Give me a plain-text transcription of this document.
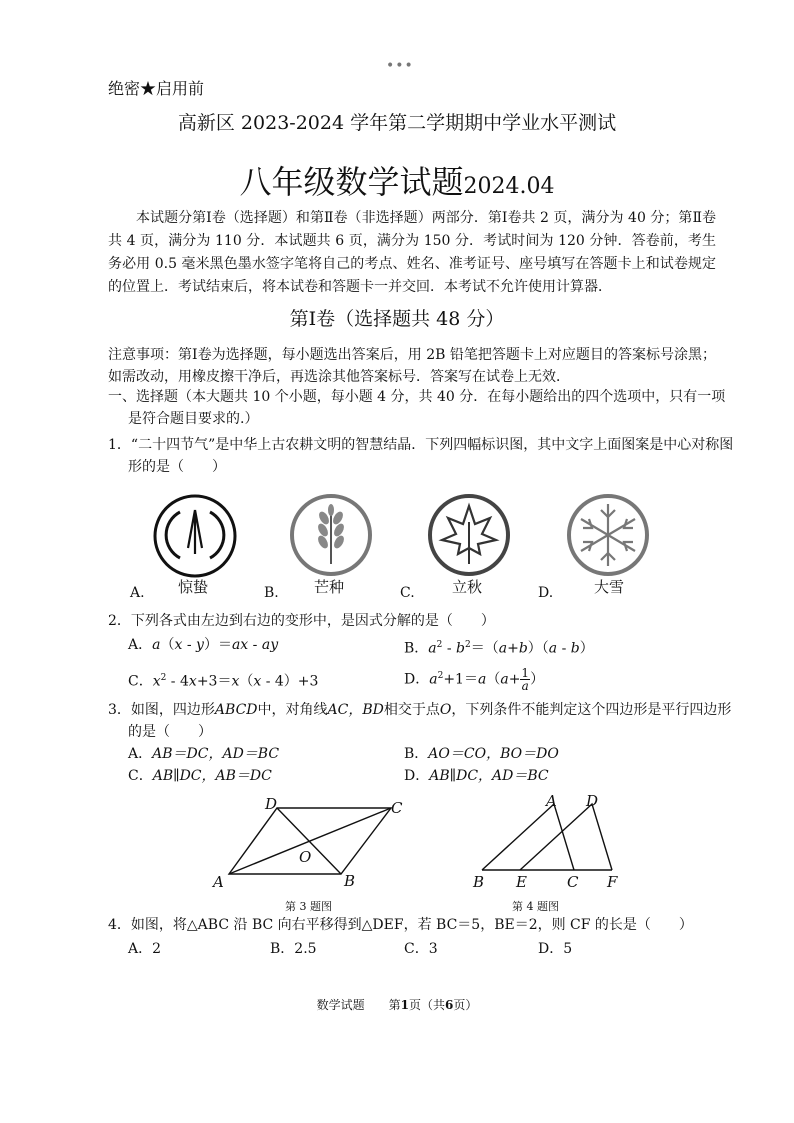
•••
绝密★启用前
高新区 2023-2024 学年第二学期期中学业水平测试
八年级数学试题2024.04
本试题分第Ⅰ卷（选择题）和第Ⅱ卷（非选择题）两部分．第Ⅰ卷共 2 页，满分为 40 分；第Ⅱ卷共 4 页，满分为 110 分．本试题共 6 页，满分为 150 分．考试时间为 120 分钟．答卷前，考生务必用 0.5 毫米黑色墨水签字笔将自己的考点、姓名、准考证号、座号填写在答题卡上和试卷规定的位置上．考试结束后，将本试卷和答题卡一并交回．本考试不允许使用计算器．
第Ⅰ卷（选择题共 48 分）
注意事项：第Ⅰ卷为选择题，每小题选出答案后，用 2B 铅笔把答题卡上对应题目的答案标号涂黑；如需改动，用橡皮擦干净后，再选涂其他答案标号．答案写在试卷上无效．
一、选择题（本大题共 10 个小题，每小题 4 分，共 40 分．在每小题给出的四个选项中，只有一项是符合题目要求的.）
1．“二十四节气”是中华上古农耕文明的智慧结晶．下列四幅标识图，其中文字上面图案是中心对称图形的是（　　）
A. 惊蛰	B. 芒种	C. 立秋	D.	大雪
2．下列各式由左边到右边的变形中，是因式分解的是（　　）
A．a（x - y）＝ax - ay	B．$a^2 - b^2=(a+b)(a - b)$
C．$x^2 - 4x+3=x(x - 4)+3$	D．$a^2+1=a(a+ \frac{1}{a}$ ）
3．如图，四边形ABCD中，对角线AC，BD相交于点O，下列条件不能判定这个四边形是平行四边形的是（　　）
A．AB＝DC，AD＝BC	B．AO＝CO，BO＝DO
C．AB∥DC，AB＝DC	D．AB∥DC，AD＝BC
A	B
C
D
O
第 3 题图
A D
B E	C F
第 4 题图
4．如图，将△ABC 沿 BC 向右平移得到△DEF，若 BC＝5，BE＝2，则 CF 的长是（　　）
A．2	B．2.5	C．3	D．5
数学试题　　 第1页（共6页）
